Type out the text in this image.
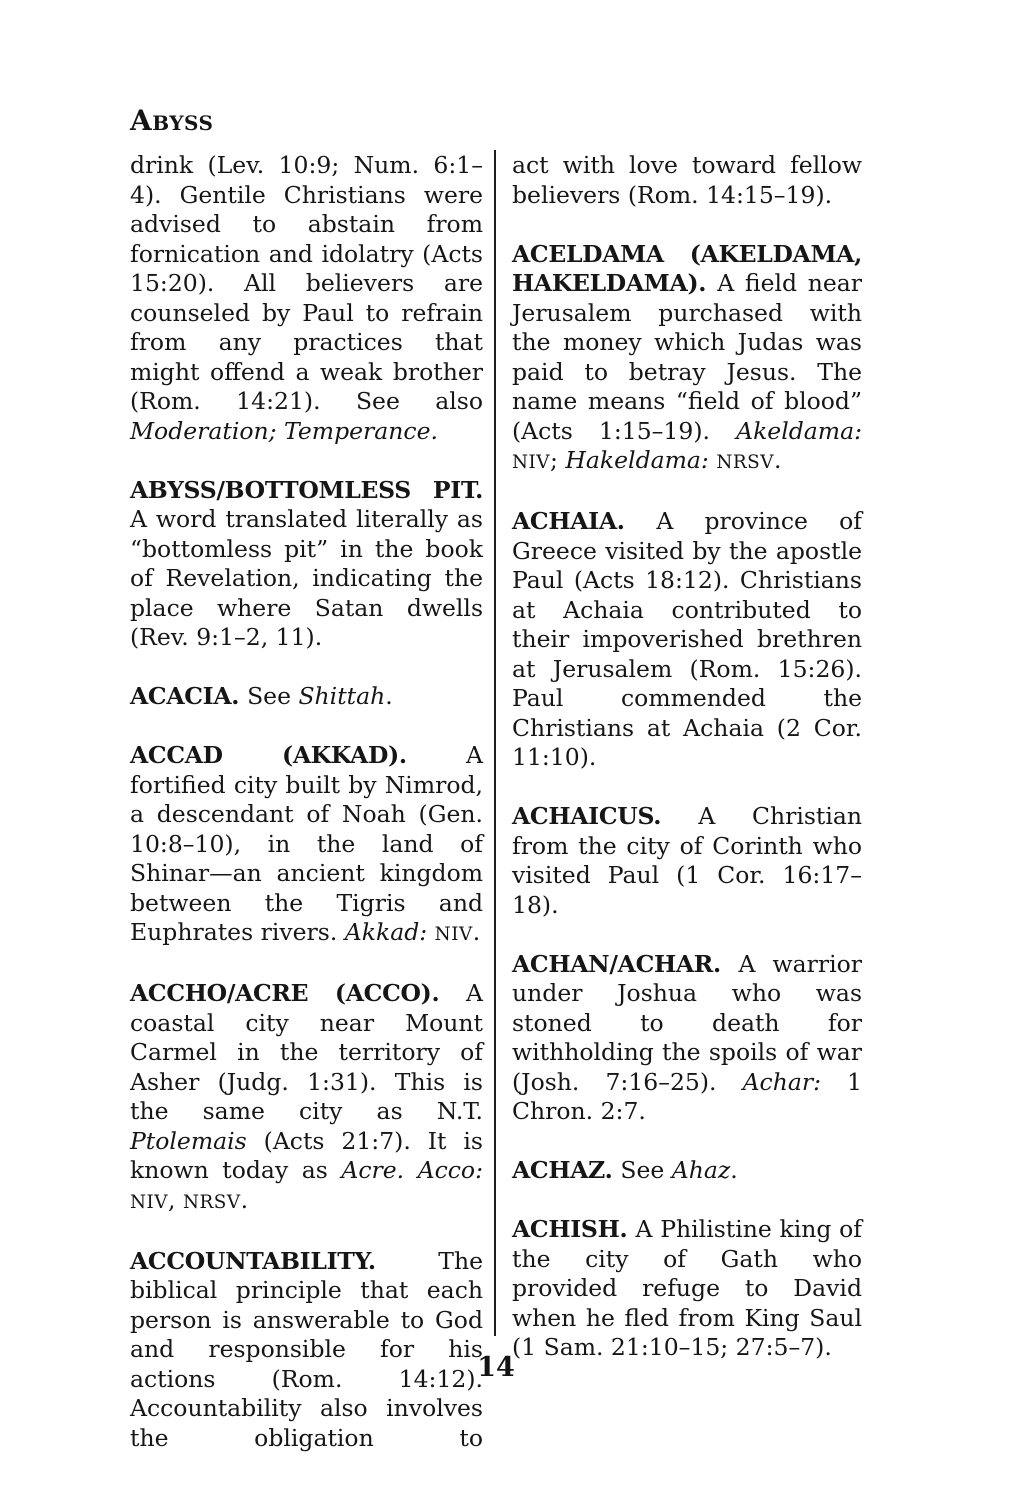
Abyss

drink (Lev. 10:9; Num. 6:1–4). Gentile Christians were advised to abstain from fornication and idolatry (Acts 15:20). All believers are counseled by Paul to refrain from any practices that might offend a weak brother (Rom. 14:21). See also Moderation; Temperance.

ABYSS/BOTTOMLESS PIT. A word translated literally as “bottomless pit” in the book of Revelation, indicating the place where Satan dwells (Rev. 9:1–2, 11).

ACACIA. See Shittah.

ACCAD (AKKAD). A fortified city built by Nimrod, a descendant of Noah (Gen. 10:8–10), in the land of Shinar—an ancient kingdom between the Tigris and Euphrates rivers. Akkad: NIV.

ACCHO/ACRE (ACCO). A coastal city near Mount Carmel in the territory of Asher (Judg. 1:31). This is the same city as N.T. Ptolemais (Acts 21:7). It is known today as Acre. Acco: NIV, NRSV.

ACCOUNTABILITY. The biblical principle that each person is answerable to God and responsible for his actions (Rom. 14:12). Accountability also involves the obligation to

act with love toward fellow believers (Rom. 14:15–19).

ACELDAMA (AKELDAMA, HAKELDAMA). A field near Jerusalem purchased with the money which Judas was paid to betray Jesus. The name means “field of blood” (Acts 1:15–19). Akeldama: NIV; Hakeldama: NRSV.

ACHAIA. A province of Greece visited by the apostle Paul (Acts 18:12). Christians at Achaia contributed to their impoverished brethren at Jerusalem (Rom. 15:26). Paul commended the Christians at Achaia (2 Cor. 11:10).

ACHAICUS. A Christian from the city of Corinth who visited Paul (1 Cor. 16:17–18).

ACHAN/ACHAR. A warrior under Joshua who was stoned to death for withholding the spoils of war (Josh. 7:16–25). Achar: 1 Chron. 2:7.

ACHAZ. See Ahaz.

ACHISH. A Philistine king of the city of Gath who provided refuge to David when he fled from King Saul (1 Sam. 21:10–15; 27:5–7).

14
